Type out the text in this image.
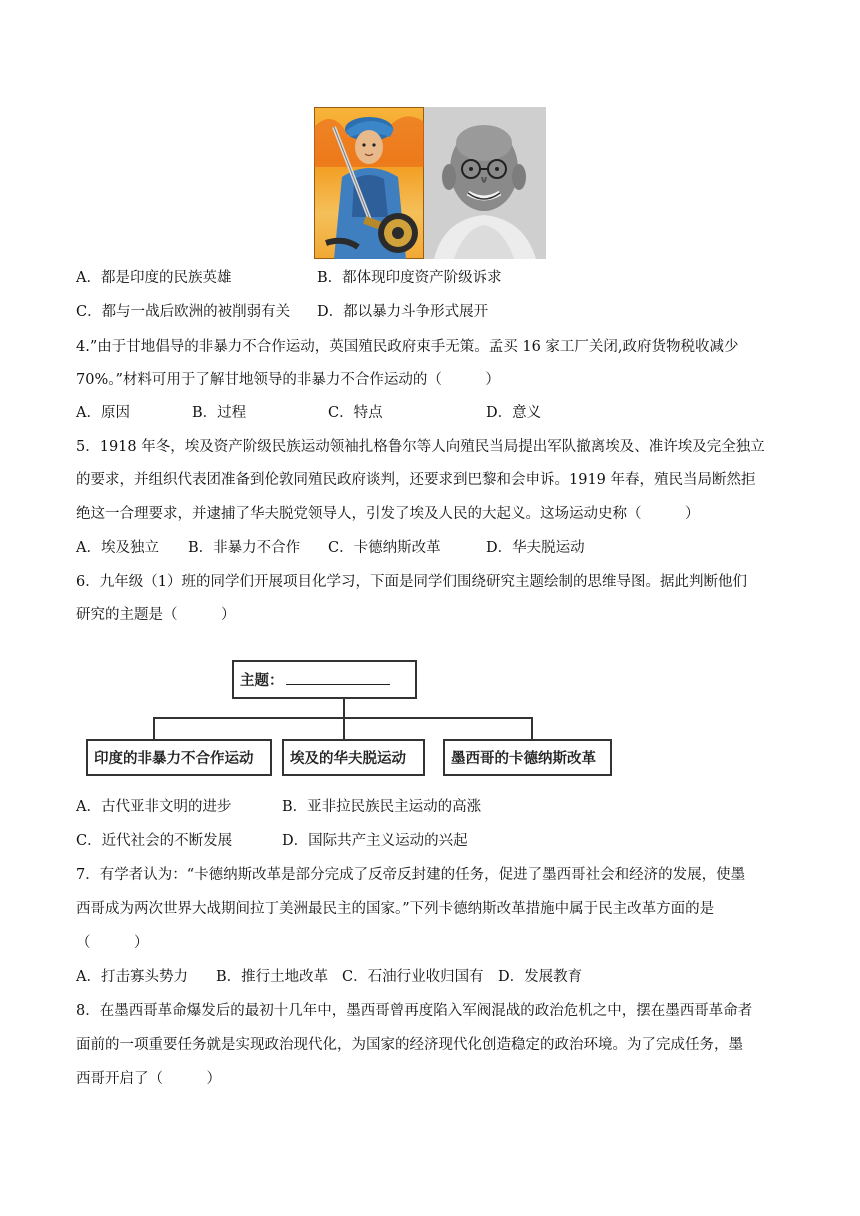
A．都是印度的民族英雄	B．都体现印度资产阶级诉求
C．都与一战后欧洲的被削弱有关 D．都以暴力斗争形式展开
4.”由于甘地倡导的非暴力不合作运动，英国殖民政府束手无策。孟买 16 家工厂关闭,政府货物税收减少
70%。”材料可用于了解甘地领导的非暴力不合作运动的（　　　）
A．原因	B．过程	C．特点	D．意义
5．1918 年冬，埃及资产阶级民族运动领袖扎格鲁尔等人向殖民当局提出军队撤离埃及、准许埃及完全独立
的要求，并组织代表团准备到伦敦同殖民政府谈判，还要求到巴黎和会申诉。1919 年春，殖民当局断然拒
绝这一合理要求，并逮捕了华夫脱党领导人，引发了埃及人民的大起义。这场运动史称（　　　）
A．埃及独立 B．非暴力不合作 C．卡德纳斯改革	D．华夫脱运动
6．九年级（1）班的同学们开展项目化学习，下面是同学们围绕研究主题绘制的思维导图。据此判断他们
研究的主题是（　　　）
主题：
印度的非暴力不合作运动	埃及的华夫脱运动	墨西哥的卡德纳斯改革
A．古代亚非文明的进步	B．亚非拉民族民主运动的高涨
C．近代社会的不断发展	D．国际共产主义运动的兴起
7．有学者认为：“卡德纳斯改革是部分完成了反帝反封建的任务，促进了墨西哥社会和经济的发展，使墨
西哥成为两次世界大战期间拉丁美洲最民主的国家。”下列卡德纳斯改革措施中属于民主改革方面的是
（　　　）
A．打击寡头势力 B．推行土地改革 C．石油行业收归国有 D．发展教育
8．在墨西哥革命爆发后的最初十几年中，墨西哥曾再度陷入军阀混战的政治危机之中，摆在墨西哥革命者
面前的一项重要任务就是实现政治现代化，为国家的经济现代化创造稳定的政治环境。为了完成任务，墨
西哥开启了（　　　）
